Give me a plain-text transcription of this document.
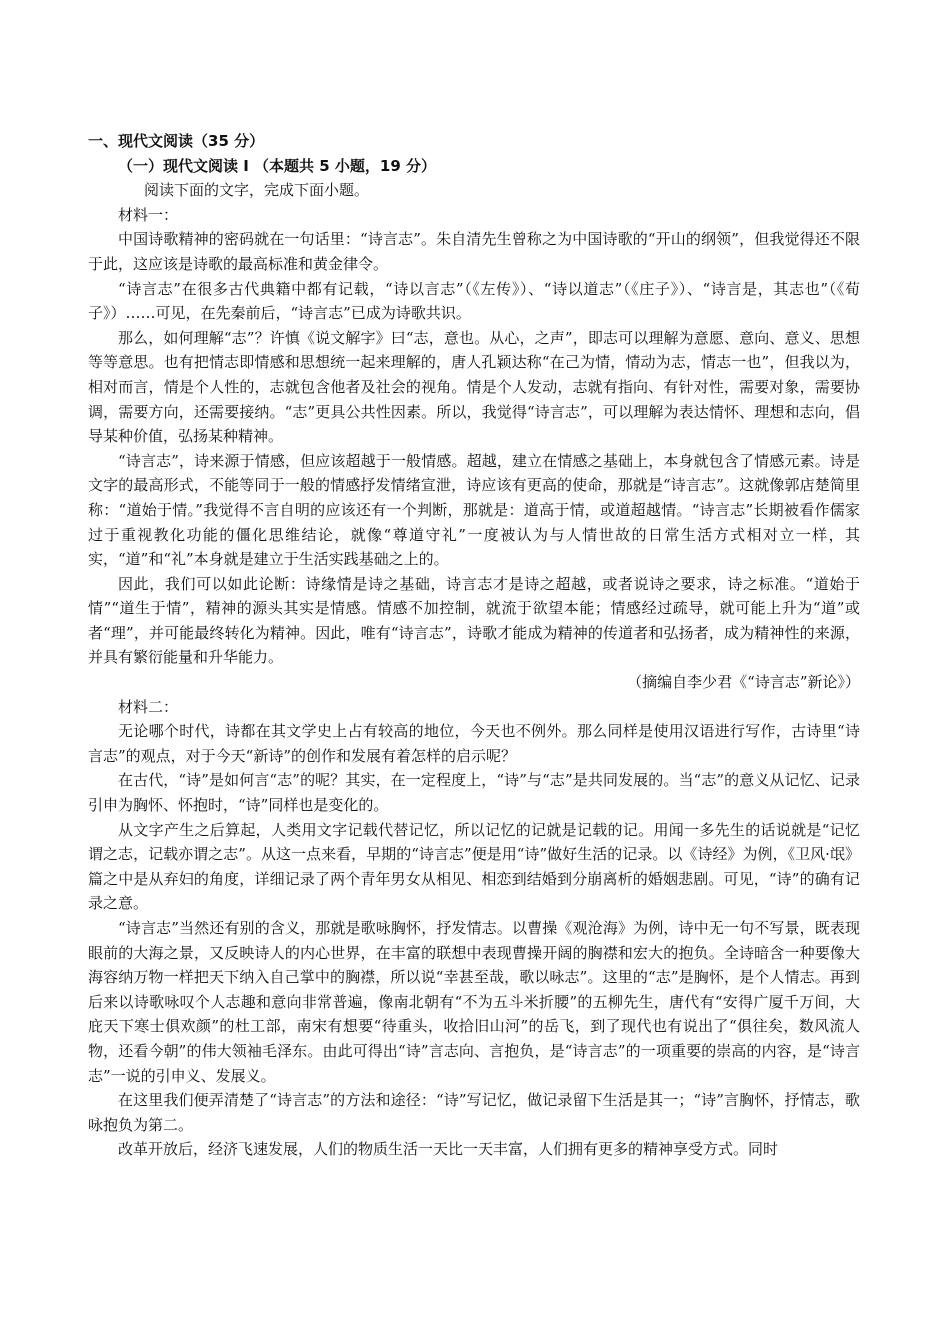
一、现代文阅读（35 分）

（一）现代文阅读 Ⅰ （本题共 5 小题，19 分）

阅读下面的文字，完成下面小题。

材料一：

中国诗歌精神的密码就在一句话里：“诗言志”。朱自清先生曾称之为中国诗歌的“开山的纲领”，但我觉得还不限于此，这应该是诗歌的最高标准和黄金律令。

“诗言志”在很多古代典籍中都有记载，“诗以言志”（《左传》）、“诗以道志”（《庄子》）、“诗言是，其志也”（《荀子》）……可见，在先秦前后，“诗言志”已成为诗歌共识。

那么，如何理解“志”？许慎《说文解字》曰“志，意也。从心，之声”，即志可以理解为意愿、意向、意义、思想等等意思。也有把情志即情感和思想统一起来理解的，唐人孔颖达称“在己为情，情动为志，情志一也”，但我以为，相对而言，情是个人性的，志就包含他者及社会的视角。情是个人发动，志就有指向、有针对性，需要对象，需要协调，需要方向，还需要接纳。“志”更具公共性因素。所以，我觉得“诗言志”，可以理解为表达情怀、理想和志向，倡导某种价值，弘扬某种精神。

“诗言志”，诗来源于情感，但应该超越于一般情感。超越，建立在情感之基础上，本身就包含了情感元素。诗是文字的最高形式，不能等同于一般的情感抒发情绪宣泄，诗应该有更高的使命，那就是“诗言志”。这就像郭店楚简里称：“道始于情。”我觉得不言自明的应该还有一个判断，那就是：道高于情，或道超越情。“诗言志”长期被看作儒家过于重视教化功能的僵化思维结论，就像“尊道守礼”一度被认为与人情世故的日常生活方式相对立一样，其实，“道”和“礼”本身就是建立于生活实践基础之上的。

因此，我们可以如此论断：诗缘情是诗之基础，诗言志才是诗之超越，或者说诗之要求，诗之标准。“道始于情”“道生于情”，精神的源头其实是情感。情感不加控制，就流于欲望本能；情感经过疏导，就可能上升为“道”或者“理”，并可能最终转化为精神。因此，唯有“诗言志”，诗歌才能成为精神的传道者和弘扬者，成为精神性的来源，并具有繁衍能量和升华能力。

（摘编自李少君《“诗言志”新论》）

材料二：

无论哪个时代，诗都在其文学史上占有较高的地位，今天也不例外。那么同样是使用汉语进行写作，古诗里“诗言志”的观点，对于今天“新诗”的创作和发展有着怎样的启示呢？

在古代，“诗”是如何言“志”的呢？其实，在一定程度上，“诗”与“志”是共同发展的。当“志”的意义从记忆、记录引申为胸怀、怀抱时，“诗”同样也是变化的。

从文字产生之后算起，人类用文字记载代替记忆，所以记忆的记就是记载的记。用闻一多先生的话说就是“记忆谓之志，记载亦谓之志”。从这一点来看，早期的“诗言志”便是用“诗”做好生活的记录。以《诗经》为例，《卫风·氓》篇之中是从弃妇的角度，详细记录了两个青年男女从相见、相恋到结婚到分崩离析的婚姻悲剧。可见，“诗”的确有记录之意。

“诗言志”当然还有别的含义，那就是歌咏胸怀，抒发情志。以曹操《观沧海》为例，诗中无一句不写景，既表现眼前的大海之景，又反映诗人的内心世界，在丰富的联想中表现曹操开阔的胸襟和宏大的抱负。全诗暗含一种要像大海容纳万物一样把天下纳入自己掌中的胸襟，所以说“幸甚至哉，歌以咏志”。这里的“志”是胸怀，是个人情志。再到后来以诗歌咏叹个人志趣和意向非常普遍，像南北朝有“不为五斗米折腰”的五柳先生，唐代有“安得广厦千万间，大庇天下寒士俱欢颜”的杜工部，南宋有想要“待重头，收拾旧山河”的岳飞，到了现代也有说出了“俱往矣，数风流人物，还看今朝”的伟大领袖毛泽东。由此可得出“诗”言志向、言抱负，是“诗言志”的一项重要的崇高的内容，是“诗言志”一说的引申义、发展义。

在这里我们便弄清楚了“诗言志”的方法和途径：“诗”写记忆，做记录留下生活是其一；“诗”言胸怀，抒情志，歌咏抱负为第二。

改革开放后，经济飞速发展，人们的物质生活一天比一天丰富，人们拥有更多的精神享受方式。同时
